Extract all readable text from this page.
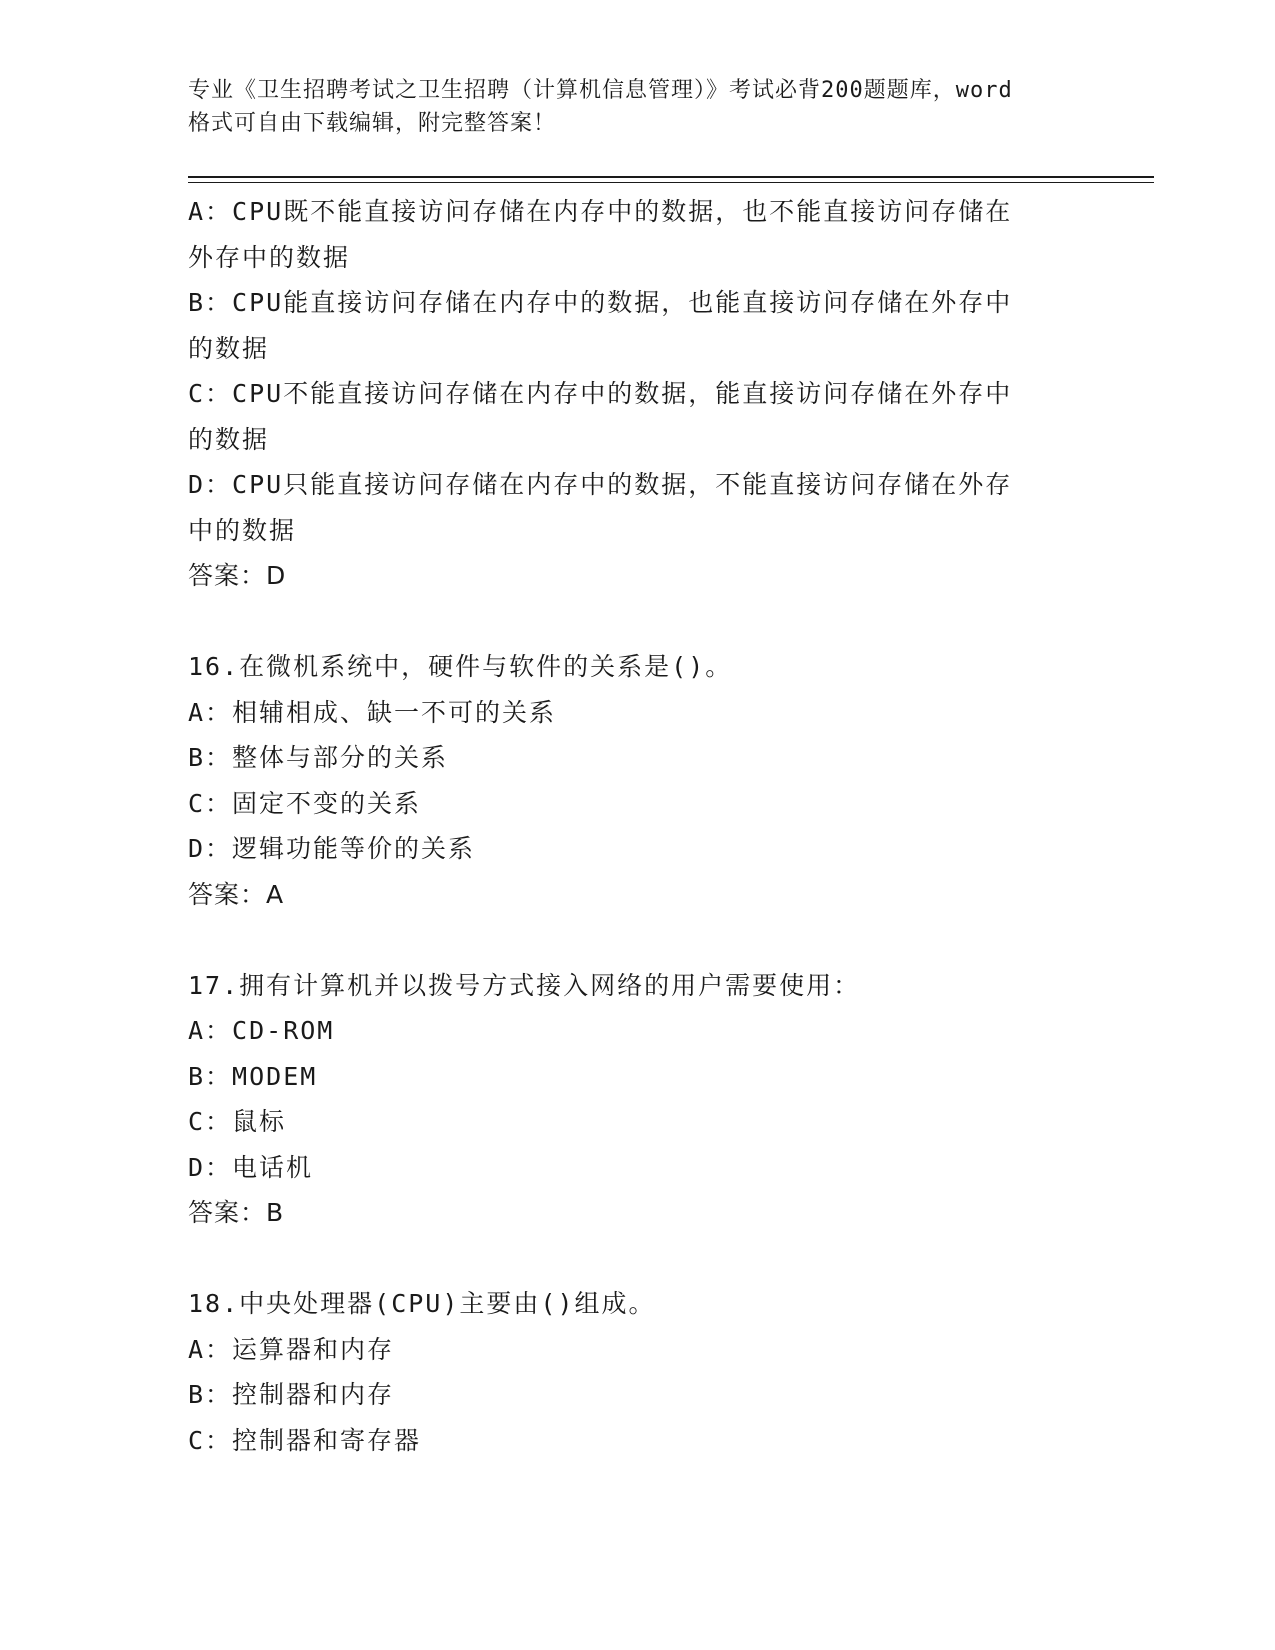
专业《卫生招聘考试之卫生招聘（计算机信息管理）》考试必背200题题库，word
格式可自由下载编辑，附完整答案！
A：CPU既不能直接访问存储在内存中的数据，也不能直接访问存储在
外存中的数据
B：CPU能直接访问存储在内存中的数据，也能直接访问存储在外存中
的数据
C：CPU不能直接访问存储在内存中的数据，能直接访问存储在外存中
的数据
D：CPU只能直接访问存储在内存中的数据，不能直接访问存储在外存
中的数据
答案：D
16.在微机系统中，硬件与软件的关系是()。
A：相辅相成、缺一不可的关系
B：整体与部分的关系
C：固定不变的关系
D：逻辑功能等价的关系
答案：A
17.拥有计算机并以拨号方式接入网络的用户需要使用：
A：CD-ROM
B：MODEM
C：鼠标
D：电话机
答案：B
18.中央处理器(CPU)主要由()组成。
A：运算器和内存
B：控制器和内存
C：控制器和寄存器
